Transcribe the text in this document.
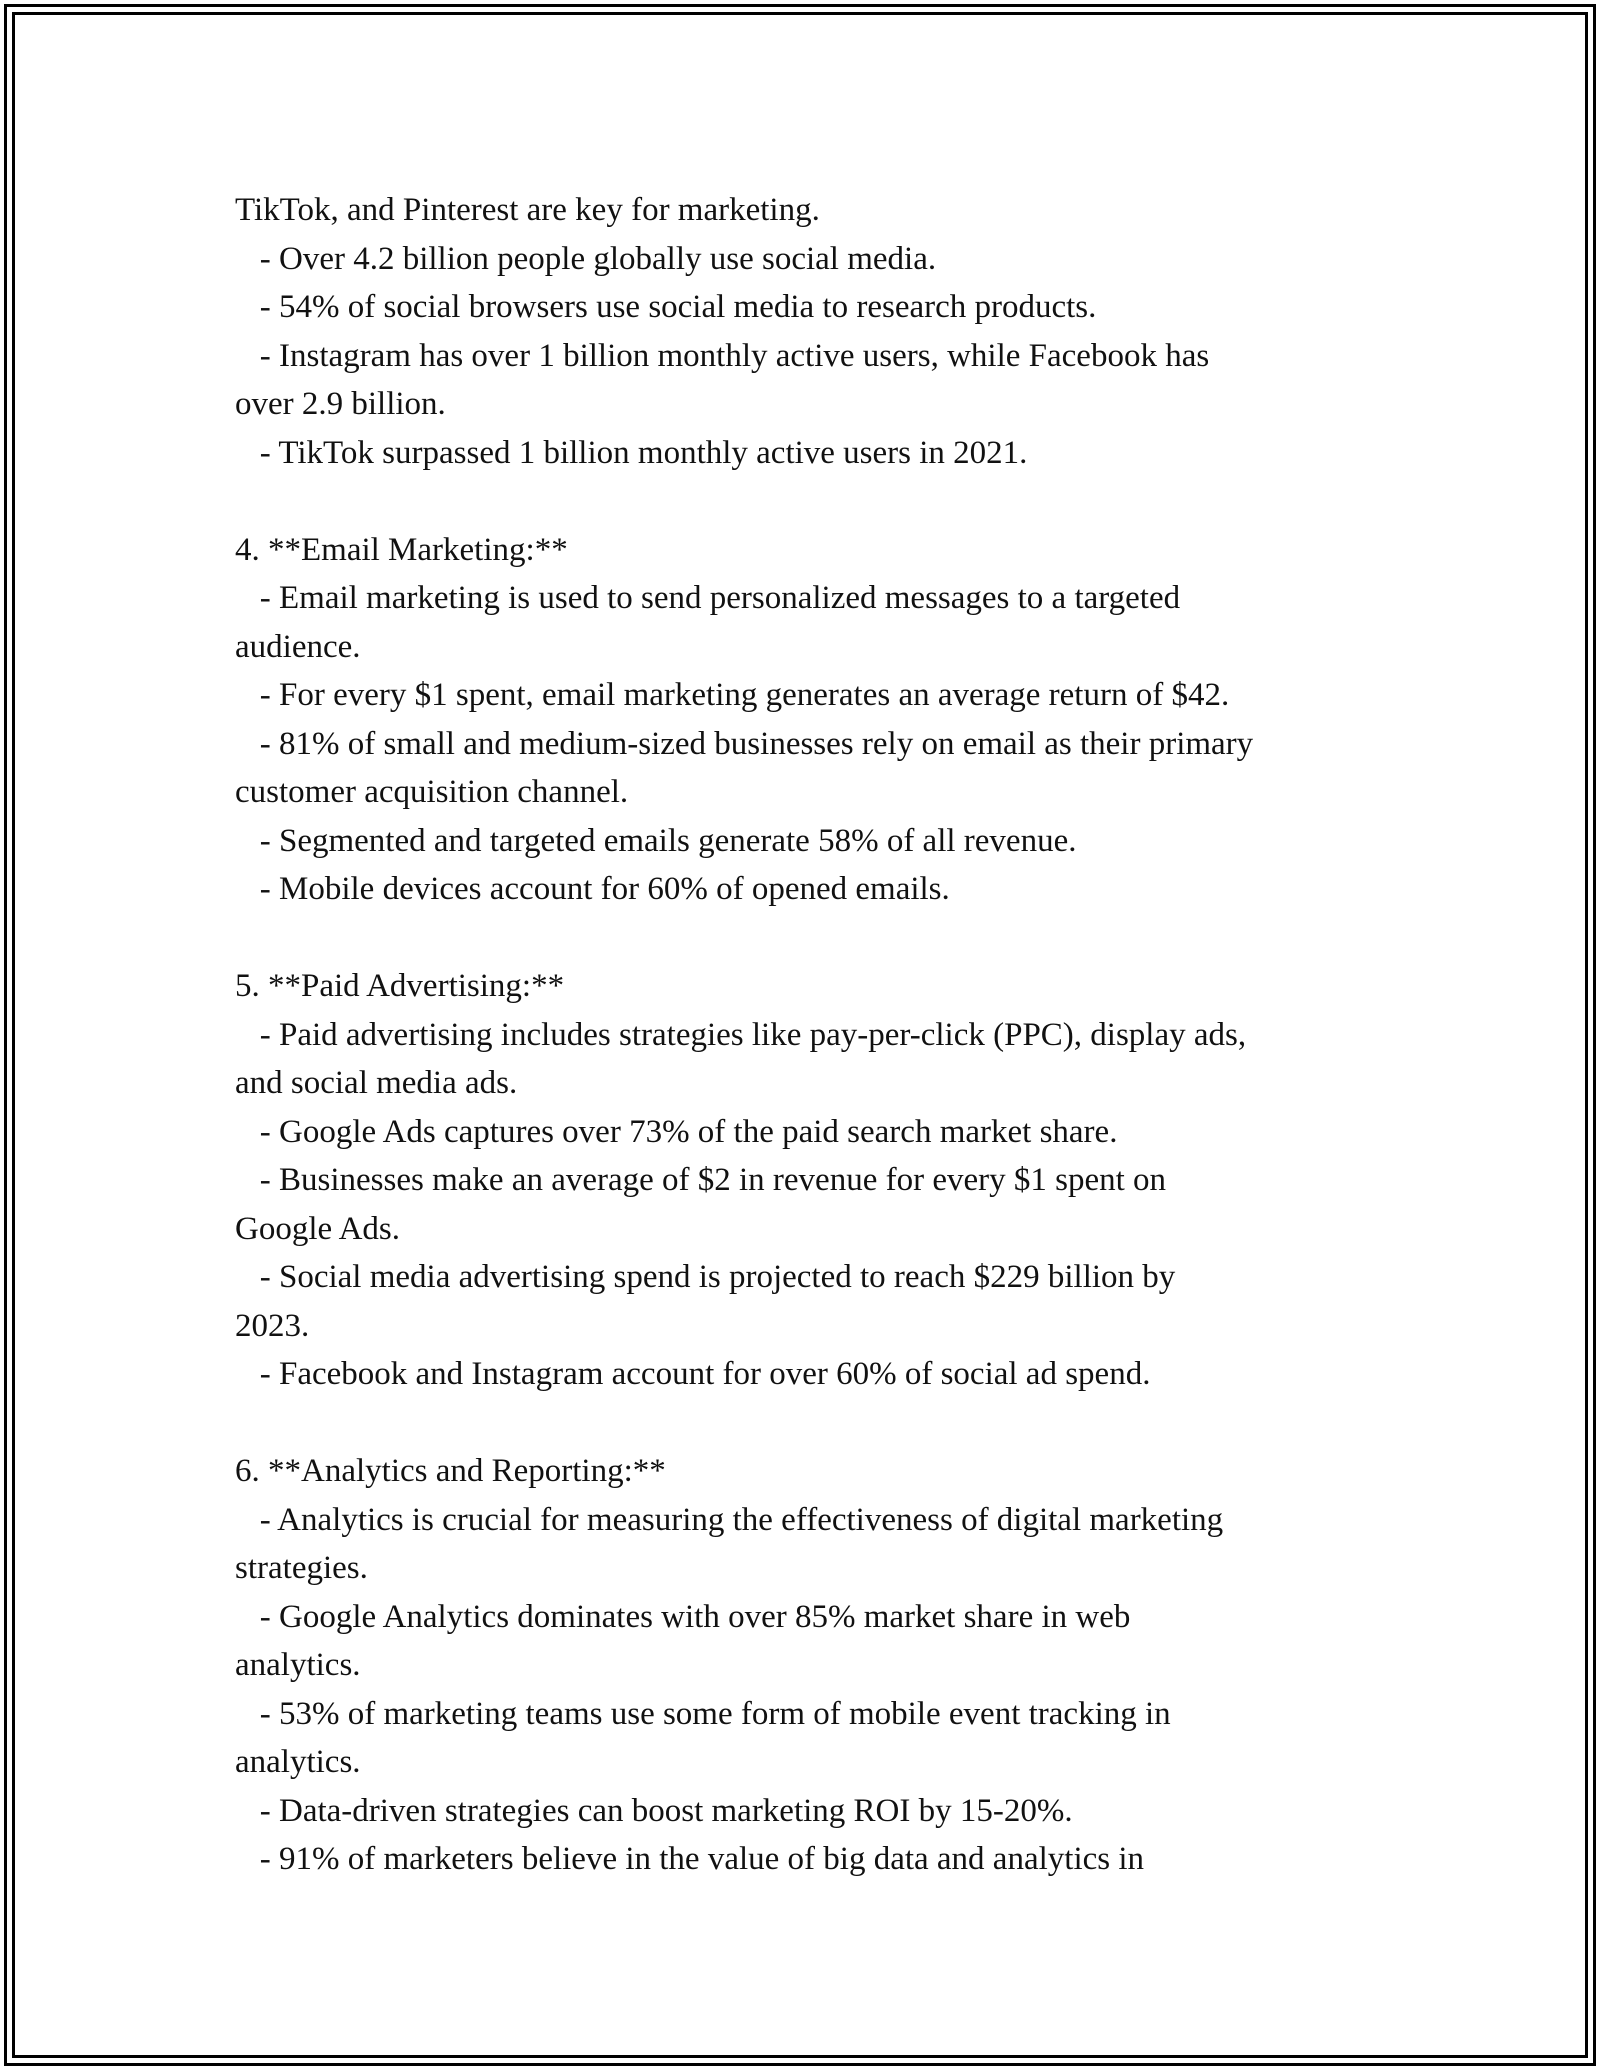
TikTok, and Pinterest are key for marketing.
- Over 4.2 billion people globally use social media.
- 54% of social browsers use social media to research products.
- Instagram has over 1 billion monthly active users, while Facebook has
over 2.9 billion.
- TikTok surpassed 1 billion monthly active users in 2021.
4. **Email Marketing:**
- Email marketing is used to send personalized messages to a targeted
audience.
- For every $1 spent, email marketing generates an average return of $42.
- 81% of small and medium-sized businesses rely on email as their primary
customer acquisition channel.
- Segmented and targeted emails generate 58% of all revenue.
- Mobile devices account for 60% of opened emails.
5. **Paid Advertising:**
- Paid advertising includes strategies like pay-per-click (PPC), display ads,
and social media ads.
- Google Ads captures over 73% of the paid search market share.
- Businesses make an average of $2 in revenue for every $1 spent on
Google Ads.
- Social media advertising spend is projected to reach $229 billion by
2023.
- Facebook and Instagram account for over 60% of social ad spend.
6. **Analytics and Reporting:**
- Analytics is crucial for measuring the effectiveness of digital marketing
strategies.
- Google Analytics dominates with over 85% market share in web
analytics.
- 53% of marketing teams use some form of mobile event tracking in
analytics.
- Data-driven strategies can boost marketing ROI by 15-20%.
- 91% of marketers believe in the value of big data and analytics in
